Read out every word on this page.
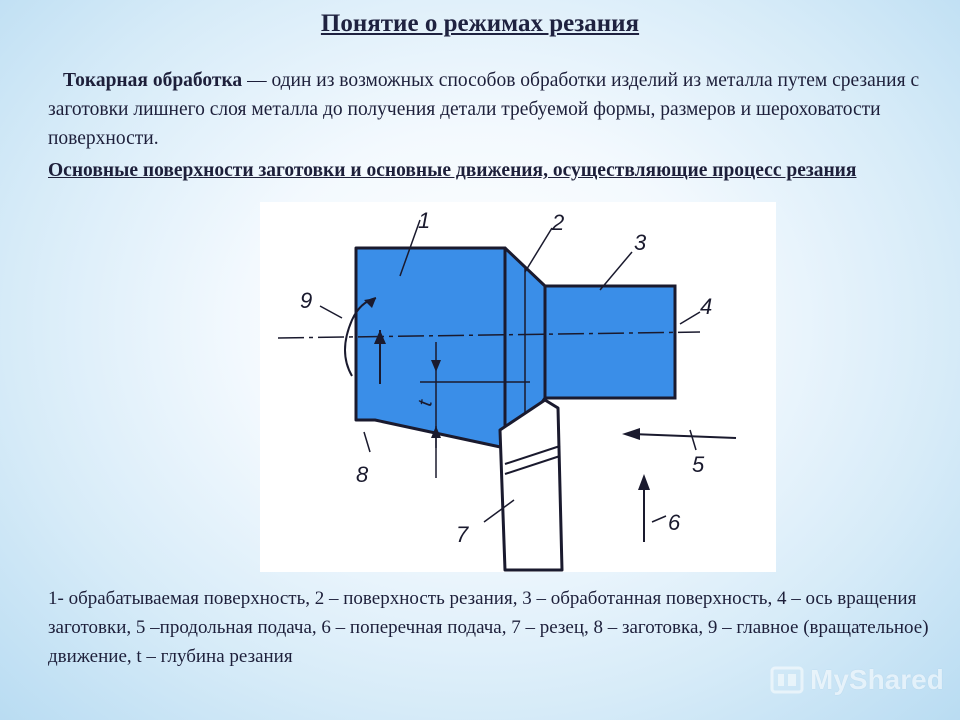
Понятие о режимах резания

Токарная обработка — один из возможных способов обработки изделий из металла путем срезания с заготовки лишнего слоя металла до получения детали требуемой формы, размеров и шероховатости поверхности.

Основные поверхности заготовки и основные движения, осуществляющие процесс резания

1	2
3
4
5
6
7
8
9
t

1- обрабатываемая поверхность, 2 – поверхность резания, 3 – обработанная поверхность, 4 – ось вращения заготовки, 5 –продольная подача, 6 – поперечная подача, 7 – резец, 8 – заготовка, 9 – главное (вращательное) движение, t – глубина резания

MyShared
